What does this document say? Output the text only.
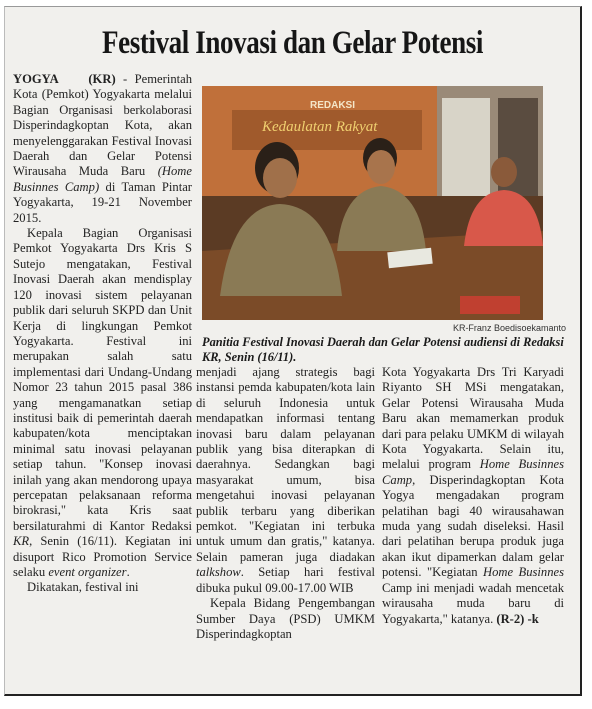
Festival Inovasi dan Gelar Potensi

YOGYA (KR) - Pemerintah Kota (Pemkot) Yogyakarta melalui Bagian Organisasi berkolaborasi Disperindagkoptan Kota, akan menyelenggarakan Festival Inovasi Daerah dan Gelar Potensi Wirausaha Muda Baru (Home Businnes Camp) di Taman Pintar Yogyakarta, 19-21 November 2015.

Kepala Bagian Organisasi Pemkot Yogyakarta Drs Kris S Sutejo mengatakan, Festival Inovasi Daerah akan mendisplay 120 inovasi sistem pelayanan publik dari seluruh SKPD dan Unit Kerja di lingkungan Pemkot Yogyakarta. Festival ini merupakan salah satu implementasi dari Undang-Undang Nomor 23 tahun 2015 pasal 386 yang mengamanatkan setiap institusi baik di pemerintah daerah kabupaten/kota menciptakan minimal satu inovasi pelayanan setiap tahun. "Konsep inovasi inilah yang akan mendorong upaya percepatan pelaksanaan reforma birokrasi," kata Kris saat bersilaturahmi di Kantor Redaksi KR, Senin (16/11). Kegiatan ini disuport Rico Promotion Service selaku event organizer.

Dikatakan, festival ini

REDAKSI
Kedaulatan Rakyat
KR-Franz Boedisoekamanto
Panitia Festival Inovasi Daerah dan Gelar Potensi audiensi di Redaksi KR, Senin (16/11).

menjadi ajang strategis bagi instansi pemda kabupaten/kota lain di seluruh Indonesia untuk mendapatkan informasi tentang inovasi baru dalam pelayanan publik yang bisa diterapkan di daerahnya. Sedangkan bagi masyarakat umum, bisa mengetahui inovasi pelayanan publik terbaru yang diberikan pemkot. "Kegiatan ini terbuka untuk umum dan gratis," katanya. Selain pameran juga diadakan talkshow. Setiap hari festival dibuka pukul 09.00-17.00 WIB

Kepala Bidang Pengembangan Sumber Daya (PSD) UMKM Disperindagkoptan

Kota Yogyakarta Drs Tri Karyadi Riyanto SH MSi mengatakan, Gelar Potensi Wirausaha Muda Baru akan memamerkan produk dari para pelaku UMKM di wilayah Kota Yogyakarta. Selain itu, melalui program Home Businnes Camp, Disperindagkoptan Kota Yogya mengadakan program pelatihan bagi 40 wirausahawan muda yang sudah diseleksi. Hasil dari pelatihan berupa produk juga akan ikut dipamerkan dalam gelar potensi. "Kegiatan Home Businnes Camp ini menjadi wadah mencetak wirausaha muda baru di Yogyakarta," katanya. (R-2) -k
